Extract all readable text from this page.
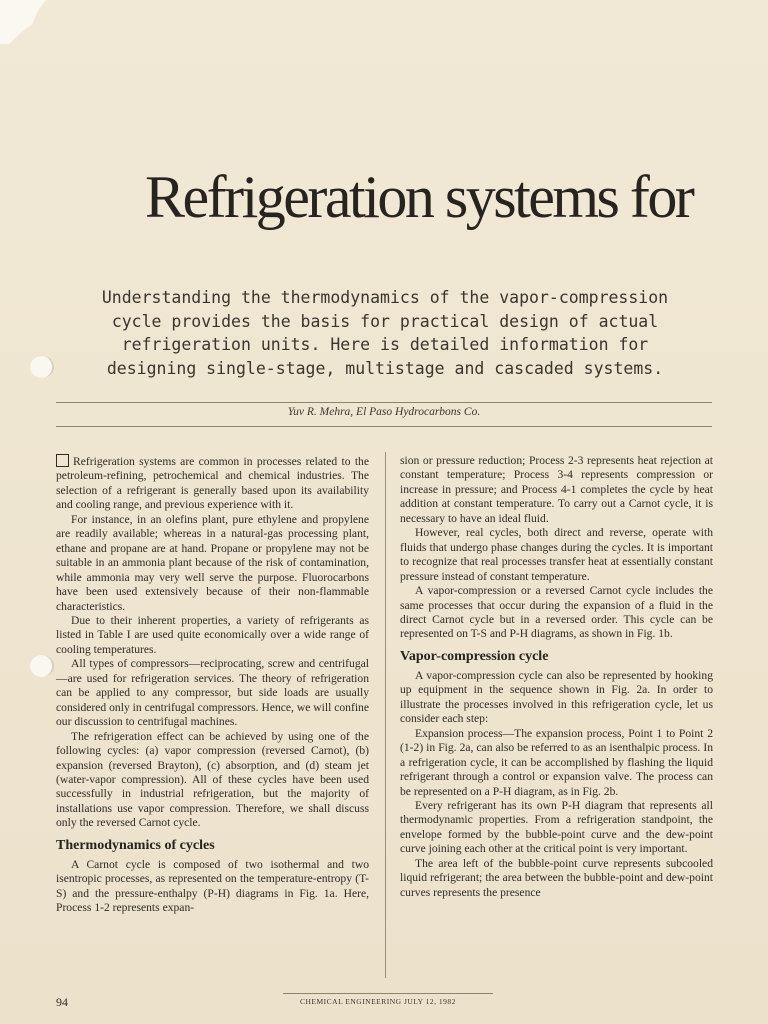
Refrigeration systems for
Understanding the thermodynamics of the vapor-compression cycle provides the basis for practical design of actual refrigeration units. Here is detailed information for designing single-stage, multistage and cascaded systems.
Yuv R. Mehra, El Paso Hydrocarbons Co.

Refrigeration systems are common in processes related to the petroleum-refining, petrochemical and chemical industries. The selection of a refrigerant is generally based upon its availability and cooling range, and previous experience with it.

For instance, in an olefins plant, pure ethylene and propylene are readily available; whereas in a natural-gas processing plant, ethane and propane are at hand. Propane or propylene may not be suitable in an ammonia plant because of the risk of contamination, while ammonia may very well serve the purpose. Fluorocarbons have been used extensively because of their non-flammable characteristics.

Due to their inherent properties, a variety of refrigerants as listed in Table I are used quite economically over a wide range of cooling temperatures.

All types of compressors—reciprocating, screw and centrifugal—are used for refrigeration services. The theory of refrigeration can be applied to any compressor, but side loads are usually considered only in centrifugal compressors. Hence, we will confine our discussion to centrifugal machines.

The refrigeration effect can be achieved by using one of the following cycles: (a) vapor compression (reversed Carnot), (b) expansion (reversed Brayton), (c) absorption, and (d) steam jet (water-vapor compression). All of these cycles have been used successfully in industrial refrigeration, but the majority of installations use vapor compression. Therefore, we shall discuss only the reversed Carnot cycle.

Thermodynamics of cycles

A Carnot cycle is composed of two isothermal and two isentropic processes, as represented on the temperature-entropy (T-S) and the pressure-enthalpy (P-H) diagrams in Fig. 1a. Here, Process 1-2 represents expan-

sion or pressure reduction; Process 2-3 represents heat rejection at constant temperature; Process 3-4 represents compression or increase in pressure; and Process 4-1 completes the cycle by heat addition at constant temperature. To carry out a Carnot cycle, it is necessary to have an ideal fluid.

However, real cycles, both direct and reverse, operate with fluids that undergo phase changes during the cycles. It is important to recognize that real processes transfer heat at essentially constant pressure instead of constant temperature.

A vapor-compression or a reversed Carnot cycle includes the same processes that occur during the expansion of a fluid in the direct Carnot cycle but in a reversed order. This cycle can be represented on T-S and P-H diagrams, as shown in Fig. 1b.

Vapor-compression cycle

A vapor-compression cycle can also be represented by hooking up equipment in the sequence shown in Fig. 2a. In order to illustrate the processes involved in this refrigeration cycle, let us consider each step:

Expansion process—The expansion process, Point 1 to Point 2 (1-2) in Fig. 2a, can also be referred to as an isenthalpic process. In a refrigeration cycle, it can be accomplished by flashing the liquid refrigerant through a control or expansion valve. The process can be represented on a P-H diagram, as in Fig. 2b.

Every refrigerant has its own P-H diagram that represents all thermodynamic properties. From a refrigeration standpoint, the envelope formed by the bubble-point curve and the dew-point curve joining each other at the critical point is very important.

The area left of the bubble-point curve represents subcooled liquid refrigerant; the area between the bubble-point and dew-point curves represents the presence

94	CHEMICAL ENGINEERING JULY 12, 1982
